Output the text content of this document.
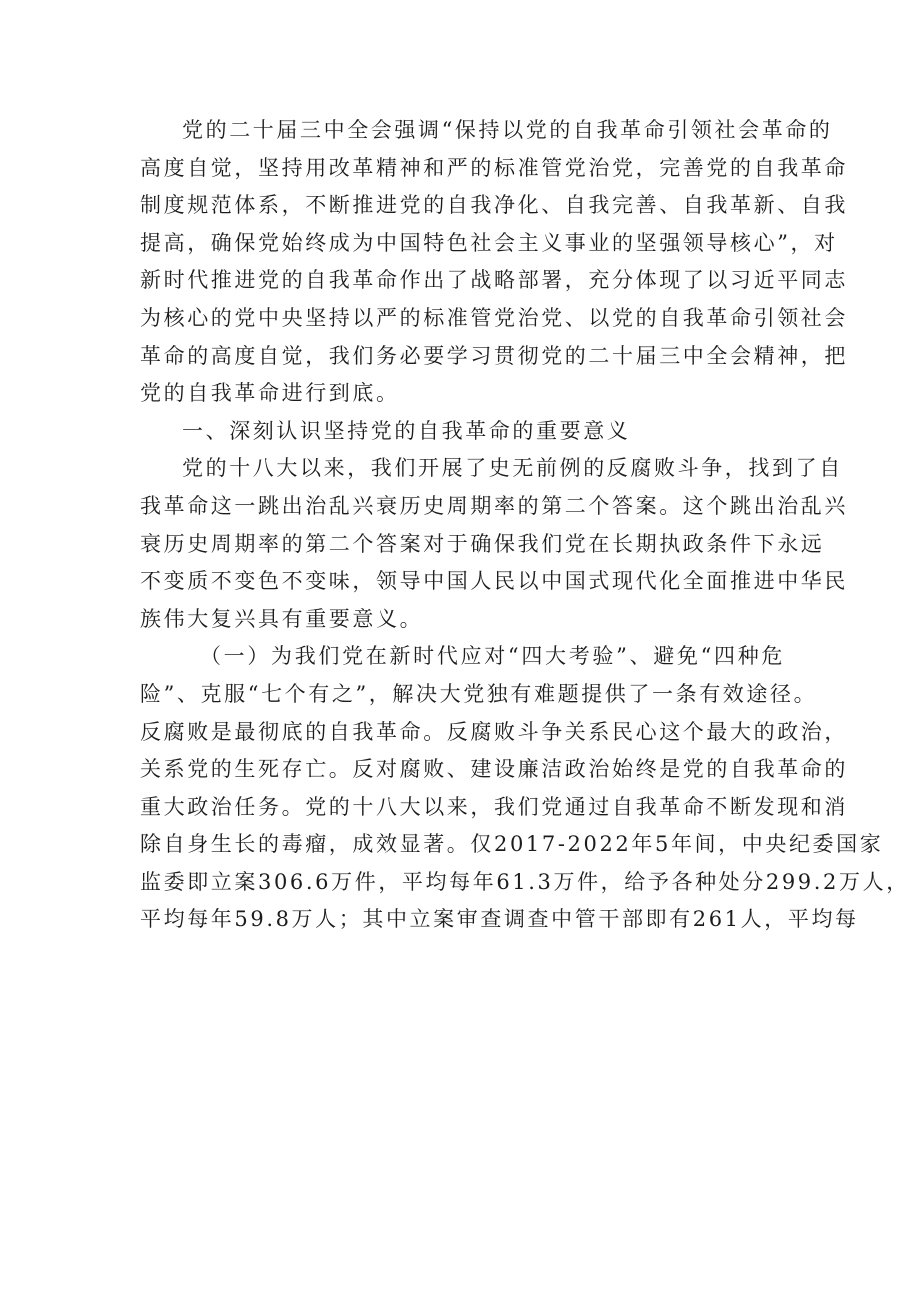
党的二十届三中全会强调“保持以党的自我革命引领社会革命的
高度自觉，坚持用改革精神和严的标准管党治党，完善党的自我革命
制度规范体系，不断推进党的自我净化、自我完善、自我革新、自我
提高，确保党始终成为中国特色社会主义事业的坚强领导核心”，对
新时代推进党的自我革命作出了战略部署，充分体现了以习近平同志
为核心的党中央坚持以严的标准管党治党、以党的自我革命引领社会
革命的高度自觉，我们务必要学习贯彻党的二十届三中全会精神，把
党的自我革命进行到底。
一、深刻认识坚持党的自我革命的重要意义
党的十八大以来，我们开展了史无前例的反腐败斗争，找到了自
我革命这一跳出治乱兴衰历史周期率的第二个答案。这个跳出治乱兴
衰历史周期率的第二个答案对于确保我们党在长期执政条件下永远
不变质不变色不变味，领导中国人民以中国式现代化全面推进中华民
族伟大复兴具有重要意义。
（一）为我们党在新时代应对“四大考验”、避免“四种危
险”、克服“七个有之”，解决大党独有难题提供了一条有效途径。
反腐败是最彻底的自我革命。反腐败斗争关系民心这个最大的政治，
关系党的生死存亡。反对腐败、建设廉洁政治始终是党的自我革命的
重大政治任务。党的十八大以来，我们党通过自我革命不断发现和消
除自身生长的毒瘤，成效显著。仅2017-2022年5年间，中央纪委国家
监委即立案306.6万件，平均每年61.3万件，给予各种处分299.2万人，
平均每年59.8万人；其中立案审查调查中管干部即有261人，平均每
